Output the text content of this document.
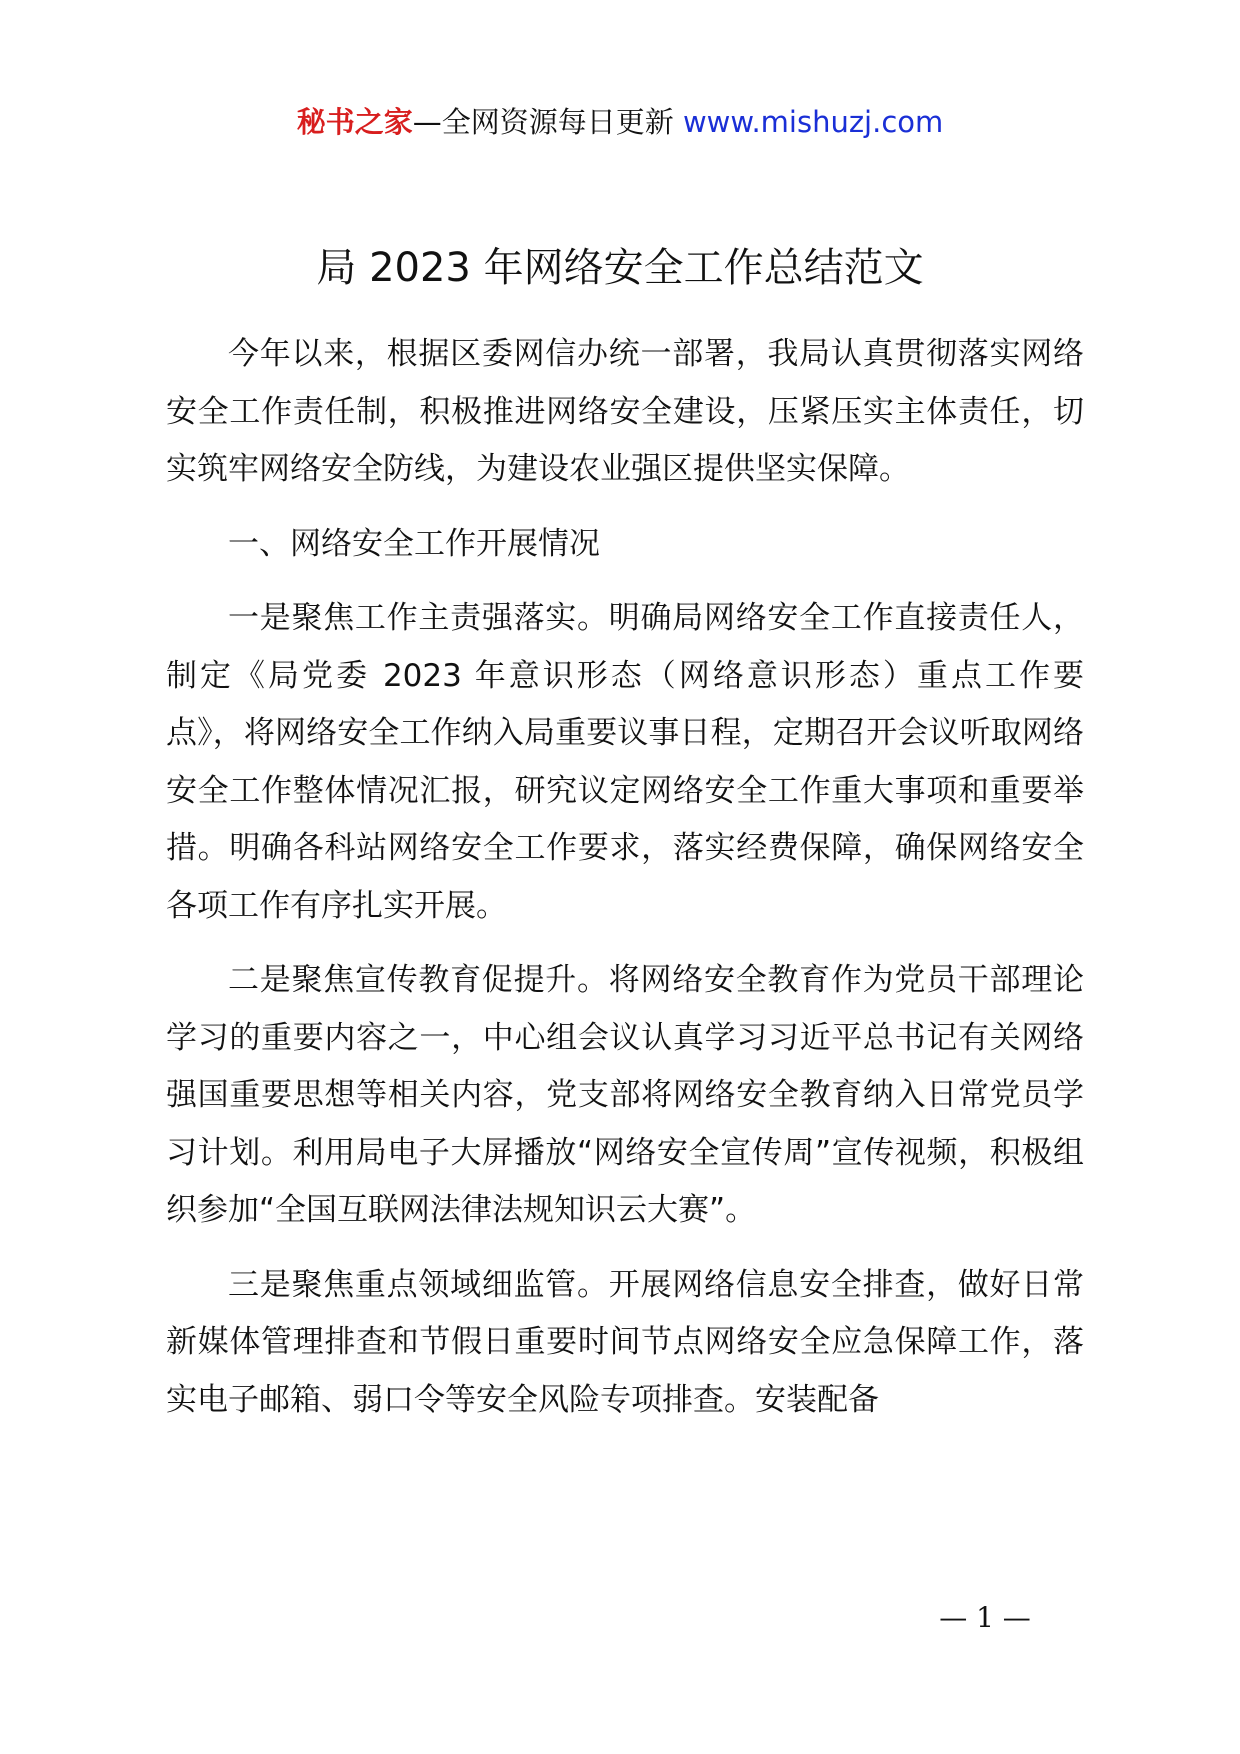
秘书之家—全网资源每日更新 www.mishuzj.com
局 2023 年网络安全工作总结范文

今年以来，根据区委网信办统一部署，我局认真贯彻落实网络安全工作责任制，积极推进网络安全建设，压紧压实主体责任，切实筑牢网络安全防线，为建设农业强区提供坚实保障。

一、网络安全工作开展情况

一是聚焦工作主责强落实。明确局网络安全工作直接责任人，制定《局党委 2023 年意识形态（网络意识形态）重点工作要点》，将网络安全工作纳入局重要议事日程，定期召开会议听取网络安全工作整体情况汇报，研究议定网络安全工作重大事项和重要举措。明确各科站网络安全工作要求，落实经费保障，确保网络安全各项工作有序扎实开展。

二是聚焦宣传教育促提升。将网络安全教育作为党员干部理论学习的重要内容之一，中心组会议认真学习习近平总书记有关网络强国重要思想等相关内容，党支部将网络安全教育纳入日常党员学习计划。利用局电子大屏播放“网络安全宣传周”宣传视频，积极组织参加“全国互联网法律法规知识云大赛”。

三是聚焦重点领域细监管。开展网络信息安全排查，做好日常新媒体管理排查和节假日重要时间节点网络安全应急保障工作，落实电子邮箱、弱口令等安全风险专项排查。安装配备

— 1 —
